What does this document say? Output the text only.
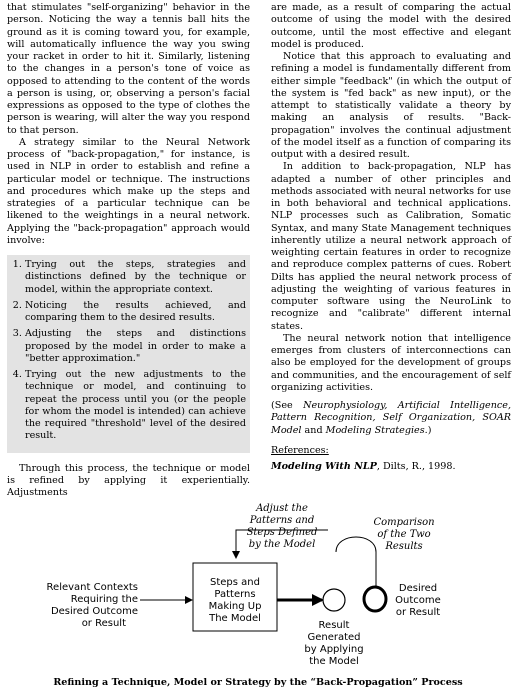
that stimulates "self-organizing" behavior in the person. Noticing the way a tennis ball hits the ground as it is coming toward you, for example, will automatically influence the way you swing your racket in order to hit it. Similarly, listening to the changes in a person's tone of voice as opposed to attending to the content of the words a person is using, or, observing a person's facial expressions as opposed to the type of clothes the person is wearing, will alter the way you respond to that person.

A strategy similar to the Neural Network process of "back-propagation," for instance, is used in NLP in order to establish and refine a particular model or technique. The instructions and procedures which make up the steps and strategies of a particular technique can be likened to the weightings in a neural network. Applying the "back-propagation" approach would involve:

1. Trying out the steps, strategies and distinctions defined by the technique or model, within the appropriate context.
2. Noticing the results achieved, and comparing them to the desired results.
3. Adjusting the steps and distinctions proposed by the model in order to make a "better approximation."
4. Trying out the new adjustments to the technique or model, and continuing to repeat the process until you (or the people for whom the model is intended) can achieve the required "threshold" level of the desired result.

Through this process, the technique or model is refined by applying it experientially. Adjustments

are made, as a result of comparing the actual outcome of using the model with the desired outcome, until the most effective and elegant model is produced.

Notice that this approach to evaluating and refining a model is fundamentally different from either simple "feedback" (in which the output of the system is "fed back" as new input), or the attempt to statistically validate a theory by making an analysis of results. "Back-propagation" involves the continual adjustment of the model itself as a function of comparing its output with a desired result.

In addition to back-propagation, NLP has adapted a number of other principles and methods associated with neural networks for use in both behavioral and technical applications. NLP processes such as Calibration, Somatic Syntax, and many State Management techniques inherently utilize a neural network approach of weighting certain features in order to recognize and reproduce complex patterns of cues. Robert Dilts has applied the neural network process of adjusting the weighting of various features in computer software using the NeuroLink to recognize and "calibrate" different internal states.

The neural network notion that intelligence emerges from clusters of interconnections can also be employed for the development of groups and communities, and the encouragement of self organizing activities.

(See Neurophysiology, Artificial Intelligence, Pattern Recognition, Self Organization, SOAR Model and Modeling Strategies.)

References:

Modeling With NLP, Dilts, R., 1998.

Adjust the
Patterns and
Steps Defined
by the Model
Comparison
of the Two
Results
Relevant Contexts
Requiring the
Desired Outcome
or Result
Steps and
Patterns
Making Up
The Model
Result
Generated
by Applying
the Model
Desired
Outcome
or Result
Refining a Technique, Model or Strategy by the “Back-Propagation” Process
